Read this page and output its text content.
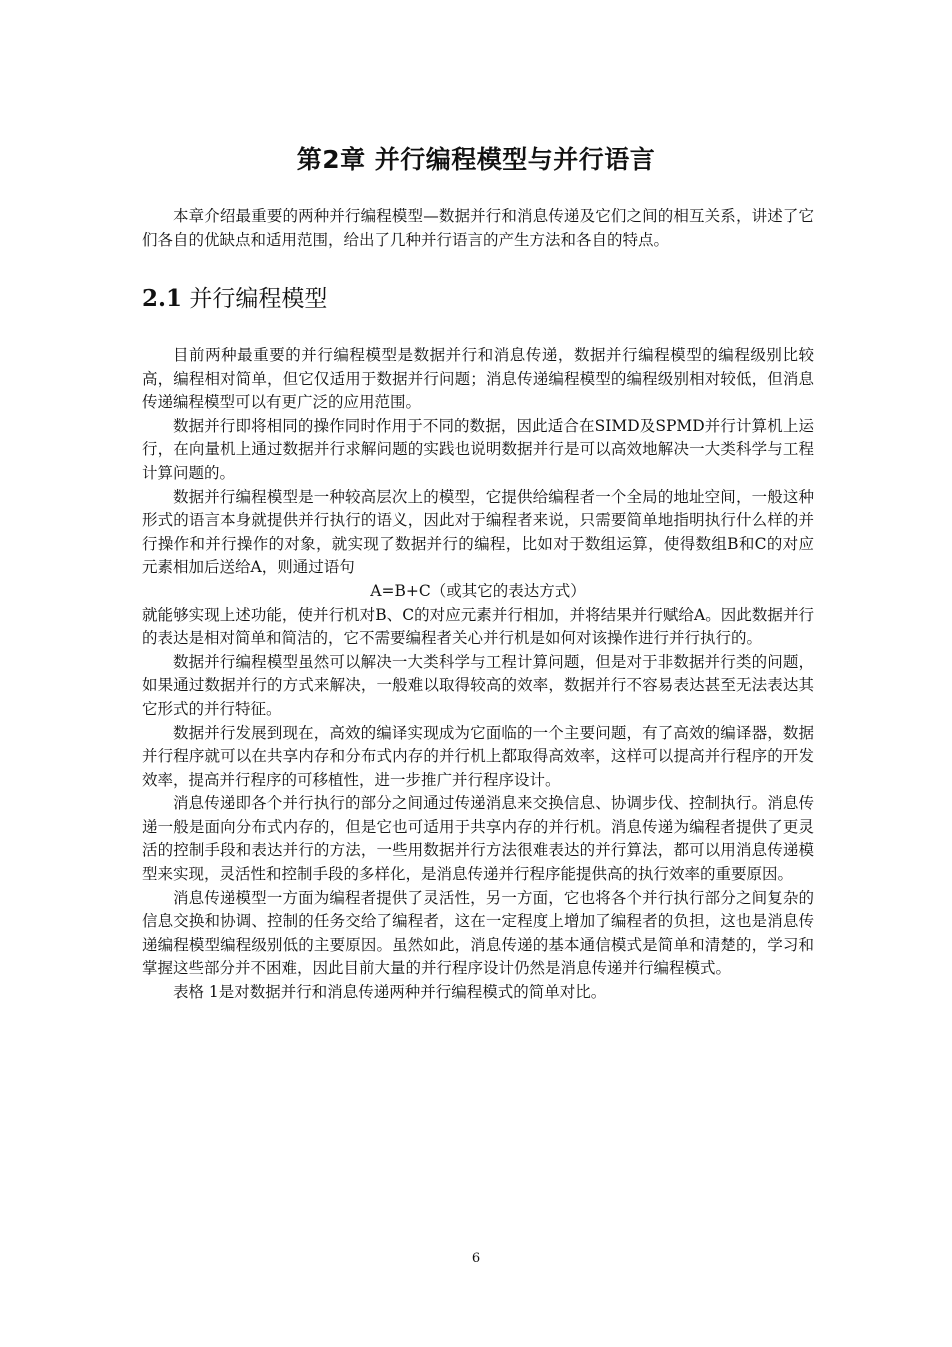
第2章 并行编程模型与并行语言

本章介绍最重要的两种并行编程模型—数据并行和消息传递及它们之间的相互关系，讲述了它们各自的优缺点和适用范围，给出了几种并行语言的产生方法和各自的特点。

2.1 并行编程模型

目前两种最重要的并行编程模型是数据并行和消息传递，数据并行编程模型的编程级别比较高，编程相对简单，但它仅适用于数据并行问题；消息传递编程模型的编程级别相对较低，但消息传递编程模型可以有更广泛的应用范围。

数据并行即将相同的操作同时作用于不同的数据，因此适合在SIMD及SPMD并行计算机上运行，在向量机上通过数据并行求解问题的实践也说明数据并行是可以高效地解决一大类科学与工程计算问题的。

数据并行编程模型是一种较高层次上的模型，它提供给编程者一个全局的地址空间，一般这种形式的语言本身就提供并行执行的语义，因此对于编程者来说，只需要简单地指明执行什么样的并行操作和并行操作的对象，就实现了数据并行的编程，比如对于数组运算，使得数组B和C的对应元素相加后送给A，则通过语句

A=B+C（或其它的表达方式）

就能够实现上述功能，使并行机对B、C的对应元素并行相加，并将结果并行赋给A。因此数据并行的表达是相对简单和简洁的，它不需要编程者关心并行机是如何对该操作进行并行执行的。

数据并行编程模型虽然可以解决一大类科学与工程计算问题，但是对于非数据并行类的问题，如果通过数据并行的方式来解决，一般难以取得较高的效率，数据并行不容易表达甚至无法表达其它形式的并行特征。

数据并行发展到现在，高效的编译实现成为它面临的一个主要问题，有了高效的编译器，数据并行程序就可以在共享内存和分布式内存的并行机上都取得高效率，这样可以提高并行程序的开发效率，提高并行程序的可移植性，进一步推广并行程序设计。

消息传递即各个并行执行的部分之间通过传递消息来交换信息、协调步伐、控制执行。消息传递一般是面向分布式内存的，但是它也可适用于共享内存的并行机。消息传递为编程者提供了更灵活的控制手段和表达并行的方法，一些用数据并行方法很难表达的并行算法，都可以用消息传递模型来实现，灵活性和控制手段的多样化，是消息传递并行程序能提供高的执行效率的重要原因。

消息传递模型一方面为编程者提供了灵活性，另一方面，它也将各个并行执行部分之间复杂的信息交换和协调、控制的任务交给了编程者，这在一定程度上增加了编程者的负担，这也是消息传递编程模型编程级别低的主要原因。虽然如此，消息传递的基本通信模式是简单和清楚的，学习和掌握这些部分并不困难，因此目前大量的并行程序设计仍然是消息传递并行编程模式。

表格 1是对数据并行和消息传递两种并行编程模式的简单对比。

6
